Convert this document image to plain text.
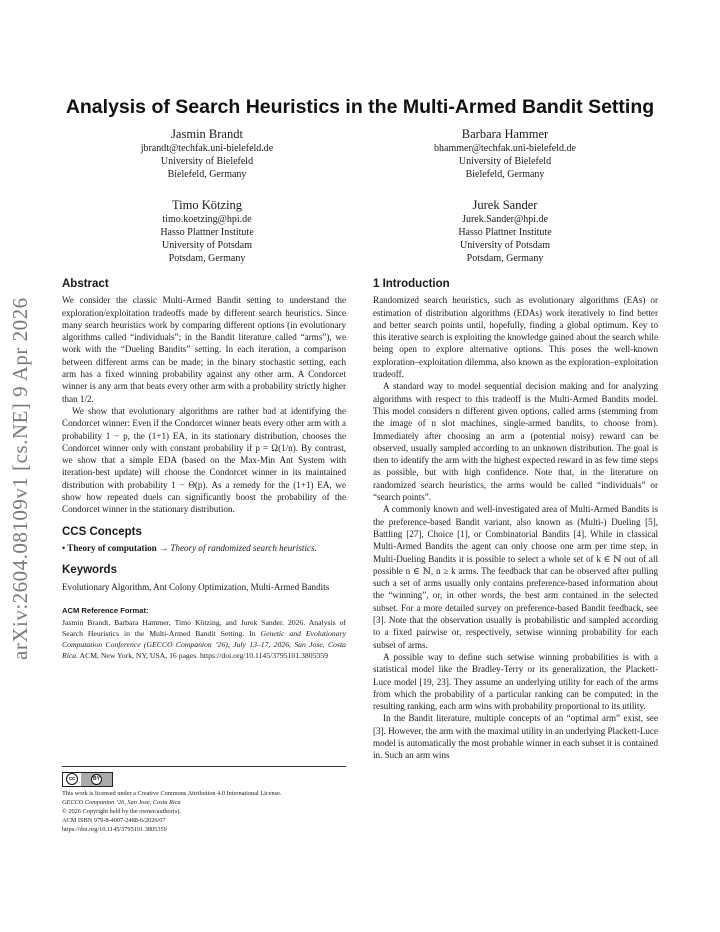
arXiv:2604.08109v1 [cs.NE] 9 Apr 2026
Analysis of Search Heuristics in the Multi-Armed Bandit Setting
Jasmin Brandt
jbrandt@techfak.uni-bielefeld.de
University of Bielefeld
Bielefeld, Germany
Barbara Hammer
bhammer@techfak.uni-bielefeld.de
University of Bielefeld
Bielefeld, Germany
Timo Kötzing
timo.koetzing@hpi.de
Hasso Plattner Institute
University of Potsdam
Potsdam, Germany
Jurek Sander
Jurek.Sander@hpi.de
Hasso Plattner Institute
University of Potsdam
Potsdam, Germany
Abstract

We consider the classic Multi-Armed Bandit setting to understand the exploration/exploitation tradeoffs made by different search heuristics. Since many search heuristics work by comparing different options (in evolutionary algorithms called “individuals”; in the Bandit literature called “arms”), we work with the “Dueling Bandits” setting. In each iteration, a comparison between different arms can be made; in the binary stochastic setting, each arm has a fixed winning probability against any other arm. A Condorcet winner is any arm that beats every other arm with a probability strictly higher than 1/2.

We show that evolutionary algorithms are rather bad at identifying the Condorcet winner: Even if the Condorcet winner beats every other arm with a probability 1 − p, the (1+1) EA, in its stationary distribution, chooses the Condorcet winner only with constant probability if p = Ω(1/n). By contrast, we show that a simple EDA (based on the Max-Min Ant System with iteration-best update) will choose the Condorcet winner in its maintained distribution with probability 1 − Θ(p). As a remedy for the (1+1) EA, we show how repeated duels can significantly boost the probability of the Condorcet winner in the stationary distribution.

CCS Concepts

• Theory of computation → Theory of randomized search heuristics.

Keywords

Evolutionary Algorithm, Ant Colony Optimization, Multi-Armed Bandits

ACM Reference Format:

Jasmin Brandt, Barbara Hammer, Timo Kötzing, and Jurek Sander. 2026. Analysis of Search Heuristics in the Multi-Armed Bandit Setting. In Genetic and Evolutionary Computation Conference (GECCO Companion ’26), July 13–17, 2026, San Jose, Costa Rica. ACM, New York, NY, USA, 16 pages. https://doi.org/10.1145/3795101.3805359

cc	BY
This work is licensed under a Creative Commons Attribution 4.0 International License.
GECCO Companion ’26, San Jose, Costa Rica
© 2026 Copyright held by the owner/author(s).
ACM ISBN 979-8-4007-2488-6/2026/07
https://doi.org/10.1145/3795101.3805359
1 Introduction

Randomized search heuristics, such as evolutionary algorithms (EAs) or estimation of distribution algorithms (EDAs) work iteratively to find better and better search points until, hopefully, finding a global optimum. Key to this iterative search is exploiting the knowledge gained about the search while being open to explore alternative options. This poses the well-known exploration–exploitation dilemma, also known as the exploration–exploitation tradeoff.

A standard way to model sequential decision making and for analyzing algorithms with respect to this tradeoff is the Multi-Armed Bandits model. This model considers n different given options, called arms (stemming from the image of n slot machines, single-armed bandits, to choose from). Immediately after choosing an arm a (potential noisy) reward can be observed, usually sampled according to an unknown distribution. The goal is then to identify the arm with the highest expected reward in as few time steps as possible, but with high confidence. Note that, in the literature on randomized search heuristics, the arms would be called “individuals” or “search points”.

A commonly known and well-investigated area of Multi-Armed Bandits is the preference-based Bandit variant, also known as (Multi-) Dueling [5], Battling [27], Choice [1], or Combinatorial Bandits [4]. While in classical Multi-Armed Bandits the agent can only choose one arm per time step, in Multi-Dueling Bandits it is possible to select a whole set of k ∈ ℕ out of all possible n ∈ ℕ, n ≥ k arms. The feedback that can be observed after pulling such a set of arms usually only contains preference-based information about the “winning”, or, in other words, the best arm contained in the selected subset. For a more detailed survey on preference-based Bandit feedback, see [3]. Note that the observation usually is probabilistic and sampled according to a fixed pairwise or, respectively, setwise winning probability for each subset of arms.

A possible way to define such setwise winning probabilities is with a statistical model like the Bradley-Terry or its generalization, the Plackett-Luce model [19, 23]. They assume an underlying utility for each of the arms from which the probability of a particular ranking can be computed: in the resulting ranking, each arm wins with probability proportional to its utility.

In the Bandit literature, multiple concepts of an “optimal arm” exist, see [3]. However, the arm with the maximal utility in an underlying Plackett-Luce model is automatically the most probable winner in each subset it is contained in. Such an arm wins
